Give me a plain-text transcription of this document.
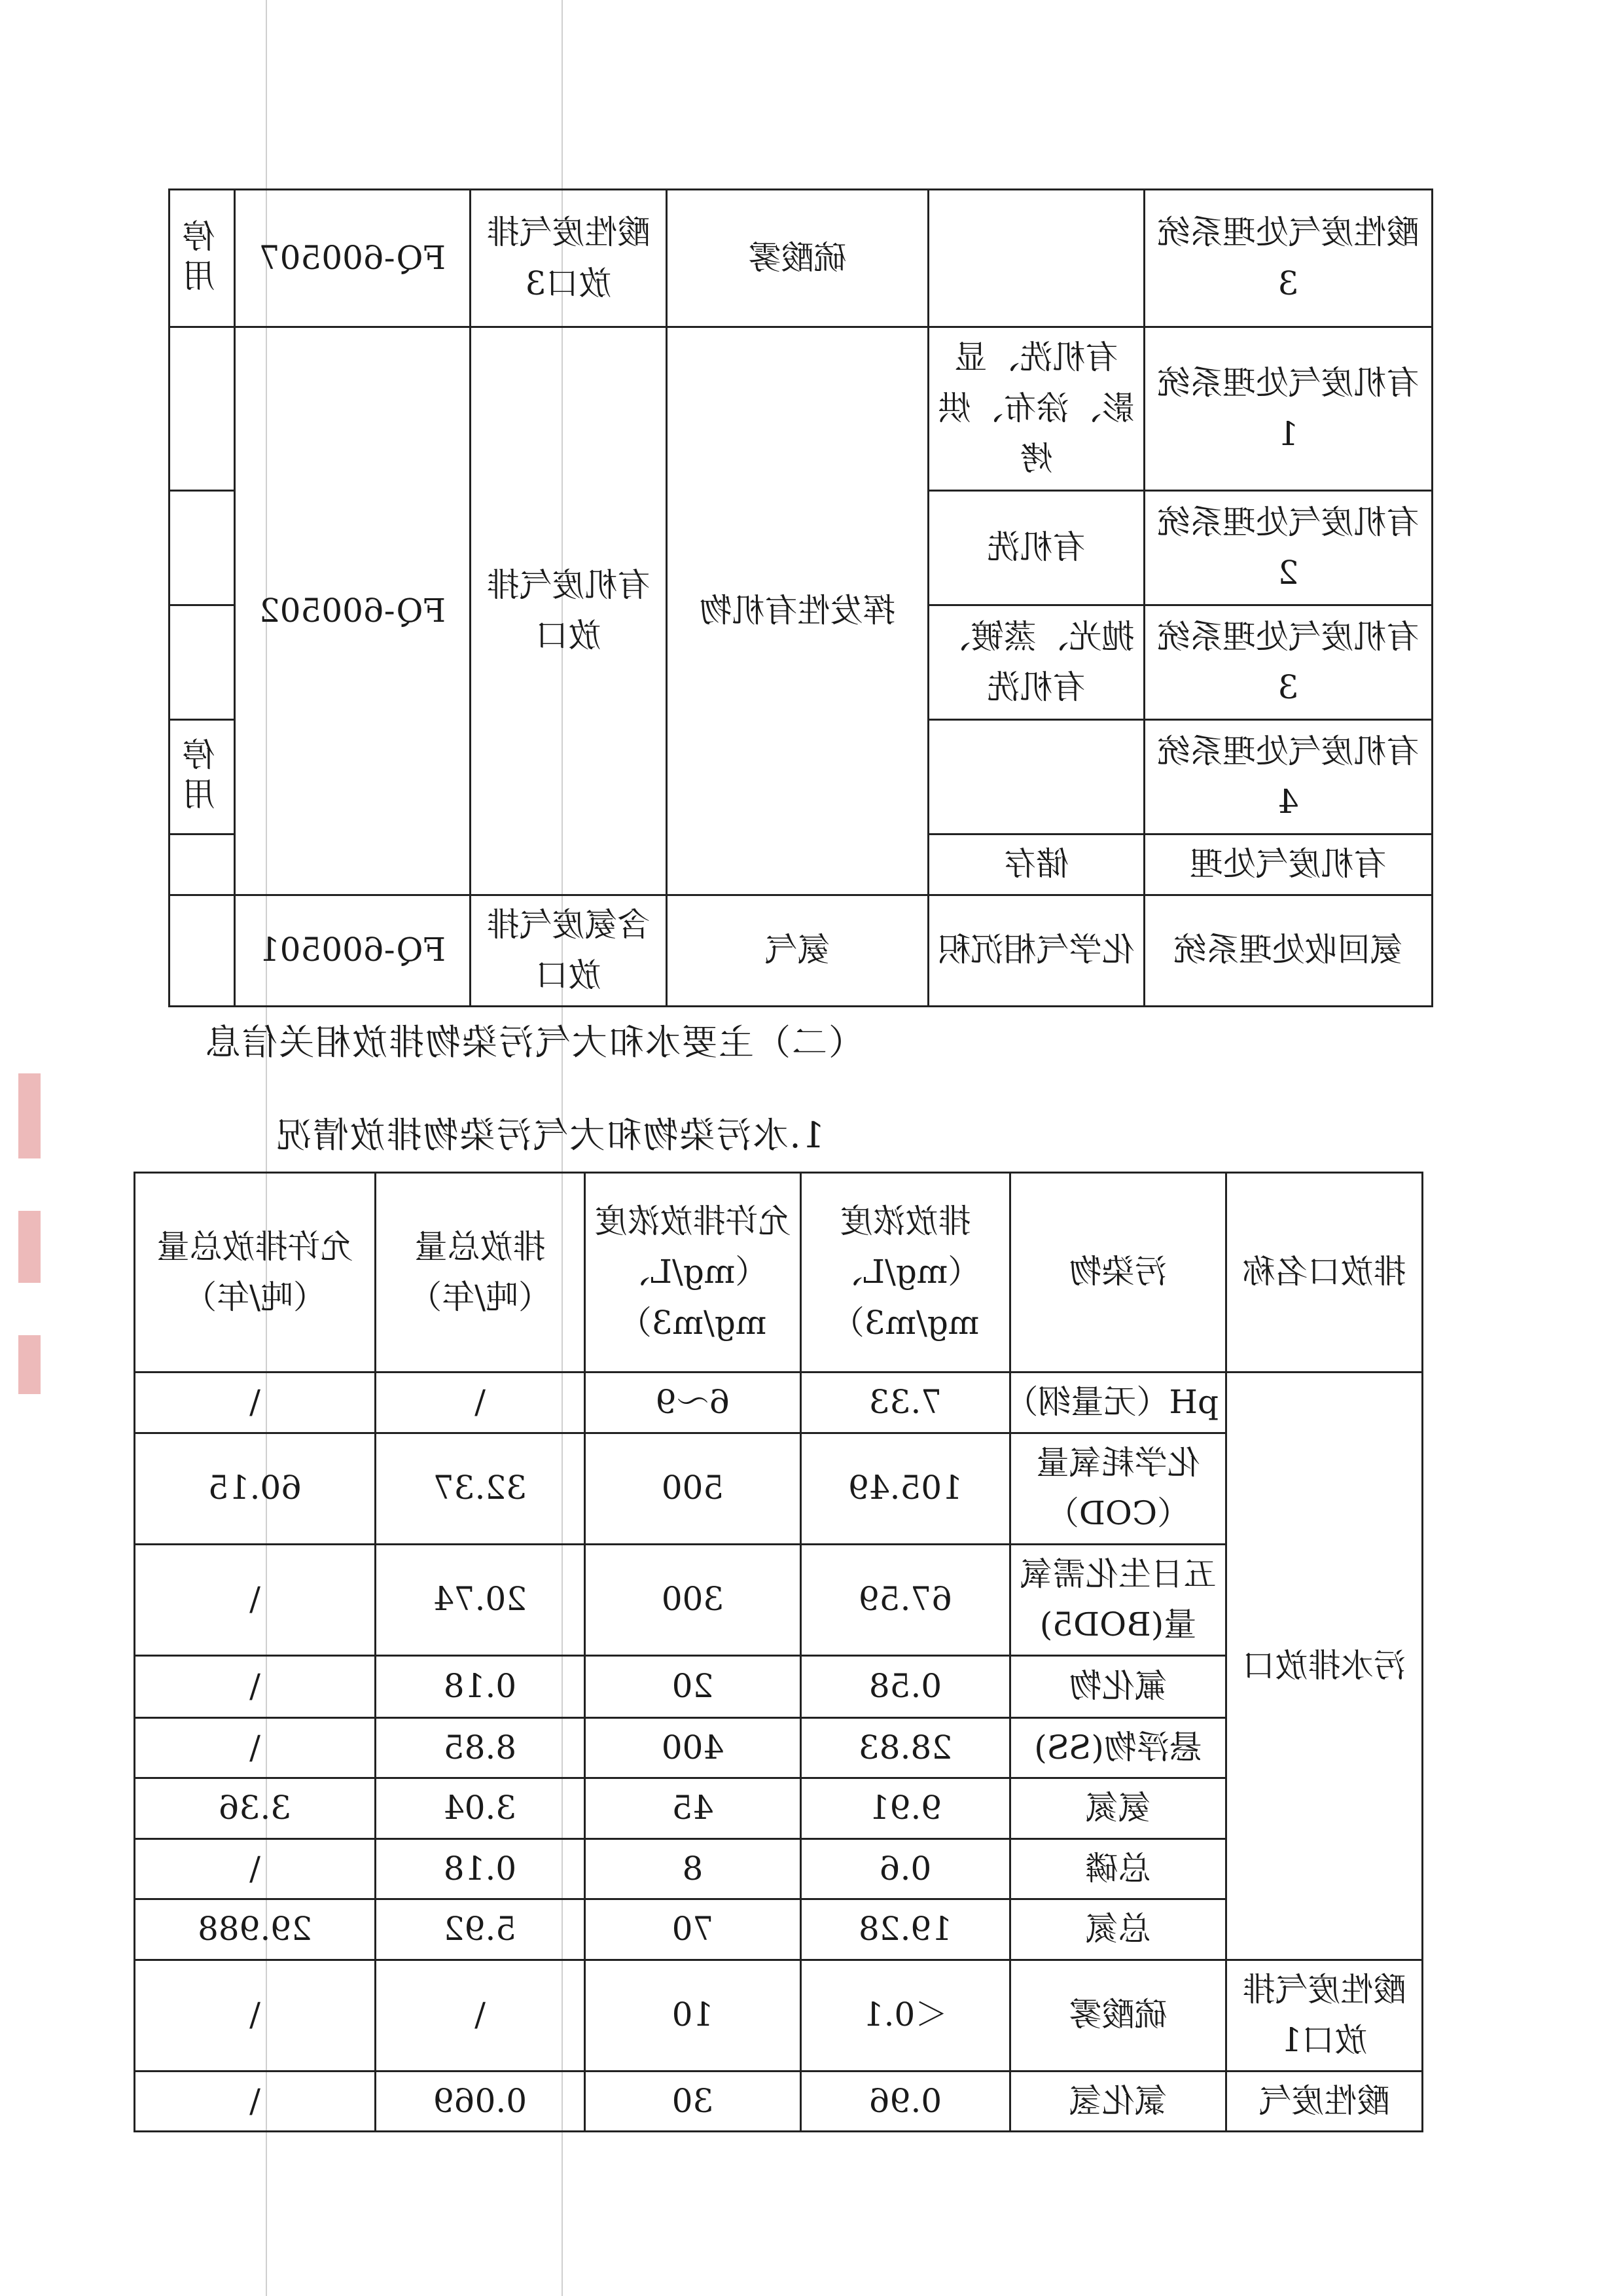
酸性废气处理系统3		硫酸雾	酸性废气排放口3	FQ-600507	停用
有机废气处理系统1	有机洗、显影、涂布、烘烤	挥发性有机物	有机废气排放口	FQ-600502	
有机废气处理系统2	有机洗				
有机废气处理系统3	抛光、蒸镀、有机洗				
有机废气处理系统4					停用
有机废气处理	储存				
氨回收处理系统	化学气相沉积	氨气	含氨废气排放口	FQ-600501	
（二）主要水和大气污染物排放相关信息
1.水污染物和大气污染物排放情况
排放口名称	污染物	排放浓度（mg/L、mg/m3）	允许排放浓度（mg/L、mg/m3）	排放总量（吨/年）	允许排放总量（吨/年）
污水排放口	pH（无量纲）	7.33	6～9	\	\
	化学耗氧量（COD）	105.49	500	32.37	60.15
	五日生化需氧量(BOD5)	67.59	300	20.74	\
	氟化物	0.58	20	0.18	\
	悬浮物(SS)	28.83	400	8.85	\
	氨氮	9.91	45	3.04	3.36
	总磷	0.6	8	0.18	\
	总氮	19.28	70	5.92	29.988
酸性废气排放口1	硫酸雾	＜0.1	10	\	\
酸性废气	氯化氢	0.96	30	0.069	\
